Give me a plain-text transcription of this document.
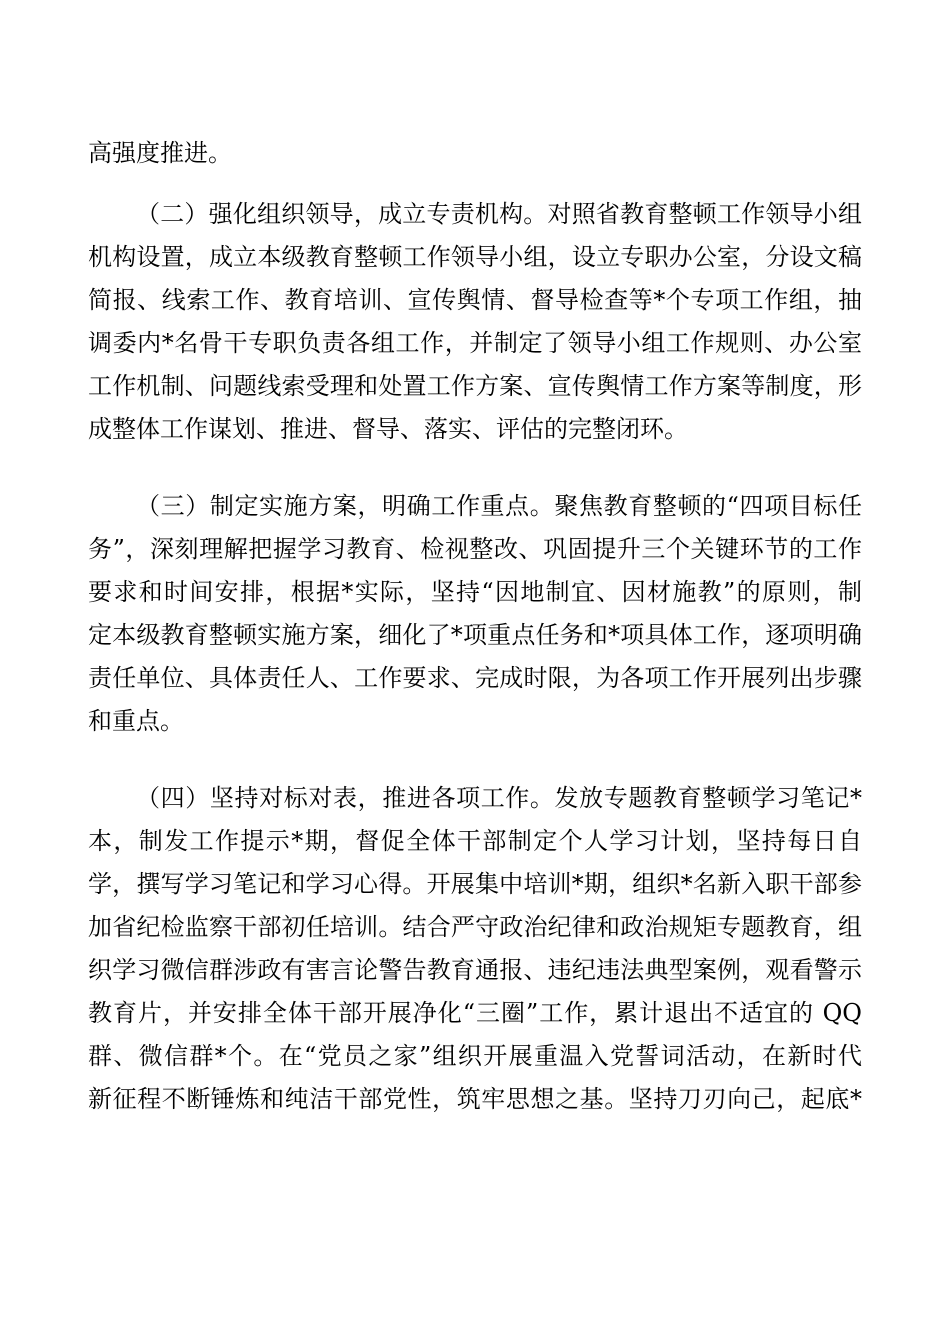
高强度推进。
（二）强化组织领导，成立专责机构。对照省教育整顿工作领导小组
机构设置，成立本级教育整顿工作领导小组，设立专职办公室，分设文稿
简报、线索工作、教育培训、宣传舆情、督导检查等*个专项工作组，抽
调委内*名骨干专职负责各组工作，并制定了领导小组工作规则、办公室
工作机制、问题线索受理和处置工作方案、宣传舆情工作方案等制度，形
成整体工作谋划、推进、督导、落实、评估的完整闭环。
（三）制定实施方案，明确工作重点。聚焦教育整顿的“四项目标任
务”，深刻理解把握学习教育、检视整改、巩固提升三个关键环节的工作
要求和时间安排，根据*实际，坚持“因地制宜、因材施教”的原则，制
定本级教育整顿实施方案，细化了*项重点任务和*项具体工作，逐项明确
责任单位、具体责任人、工作要求、完成时限，为各项工作开展列出步骤
和重点。
（四）坚持对标对表，推进各项工作。发放专题教育整顿学习笔记*
本，制发工作提示*期，督促全体干部制定个人学习计划，坚持每日自
学，撰写学习笔记和学习心得。开展集中培训*期，组织*名新入职干部参
加省纪检监察干部初任培训。结合严守政治纪律和政治规矩专题教育，组
织学习微信群涉政有害言论警告教育通报、违纪违法典型案例，观看警示
教育片，并安排全体干部开展净化“三圈”工作，累计退出不适宜的 QQ
群、微信群*个。在“党员之家”组织开展重温入党誓词活动，在新时代
新征程不断锤炼和纯洁干部党性，筑牢思想之基。坚持刀刃向己，起底*
